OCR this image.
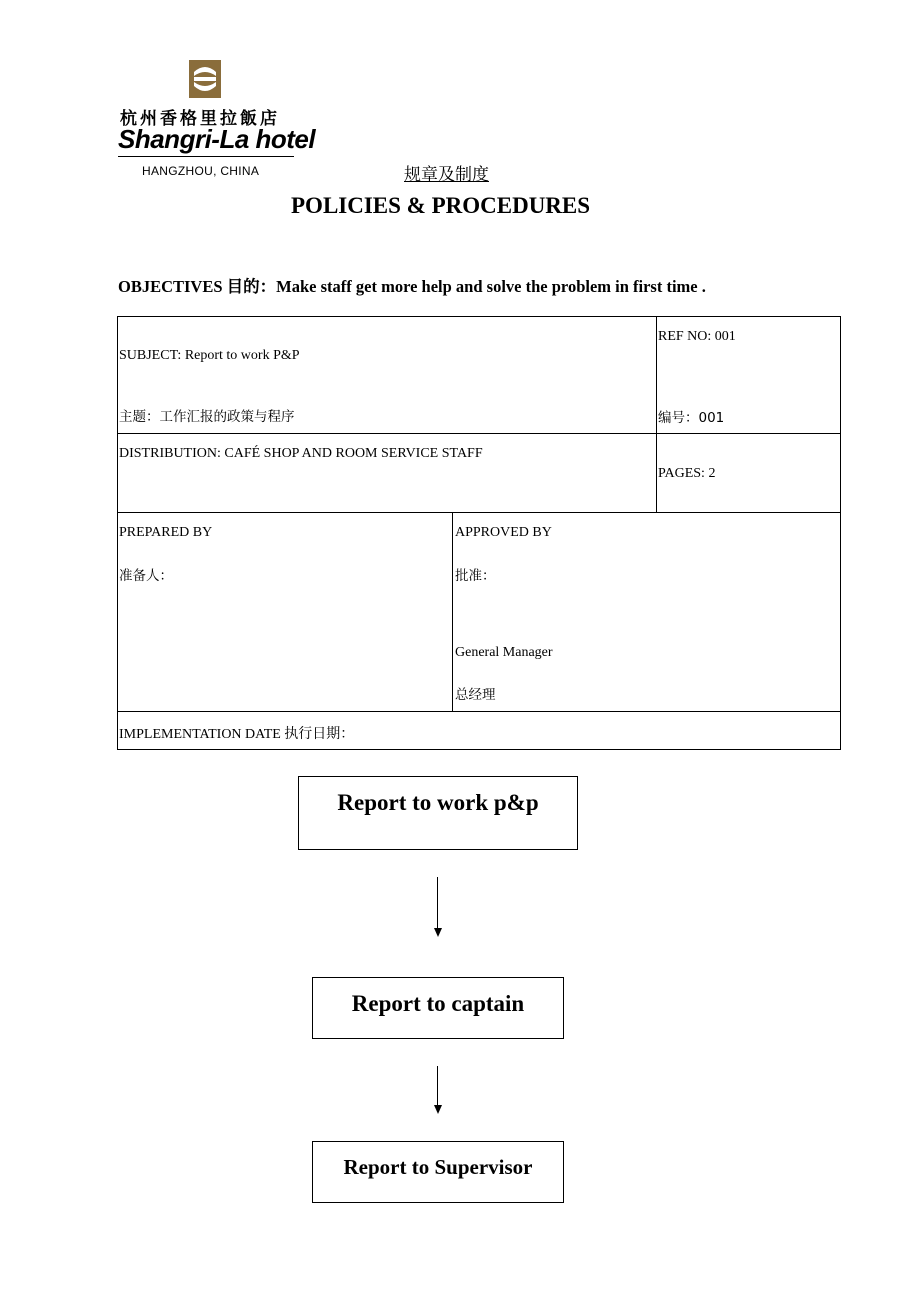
杭州香格里拉飯店
Shangri-La hotel
HANGZHOU, CHINA	规章及制度
POLICIES & PROCEDURES
OBJECTIVES 目的：Make staff get more help and solve the problem in first time .
SUBJECT: Report to work P&P
主题：工作汇报的政策与程序
REF NO: 001
编号：001
DISTRIBUTION: CAFÉ SHOP AND ROOM SERVICE STAFF
PAGES: 2
PREPARED BY
准备人：
APPROVED BY
批准：
General Manager
总经理
IMPLEMENTATION DATE 执行日期：
Report to work p&p
Report to captain
Report to Supervisor
